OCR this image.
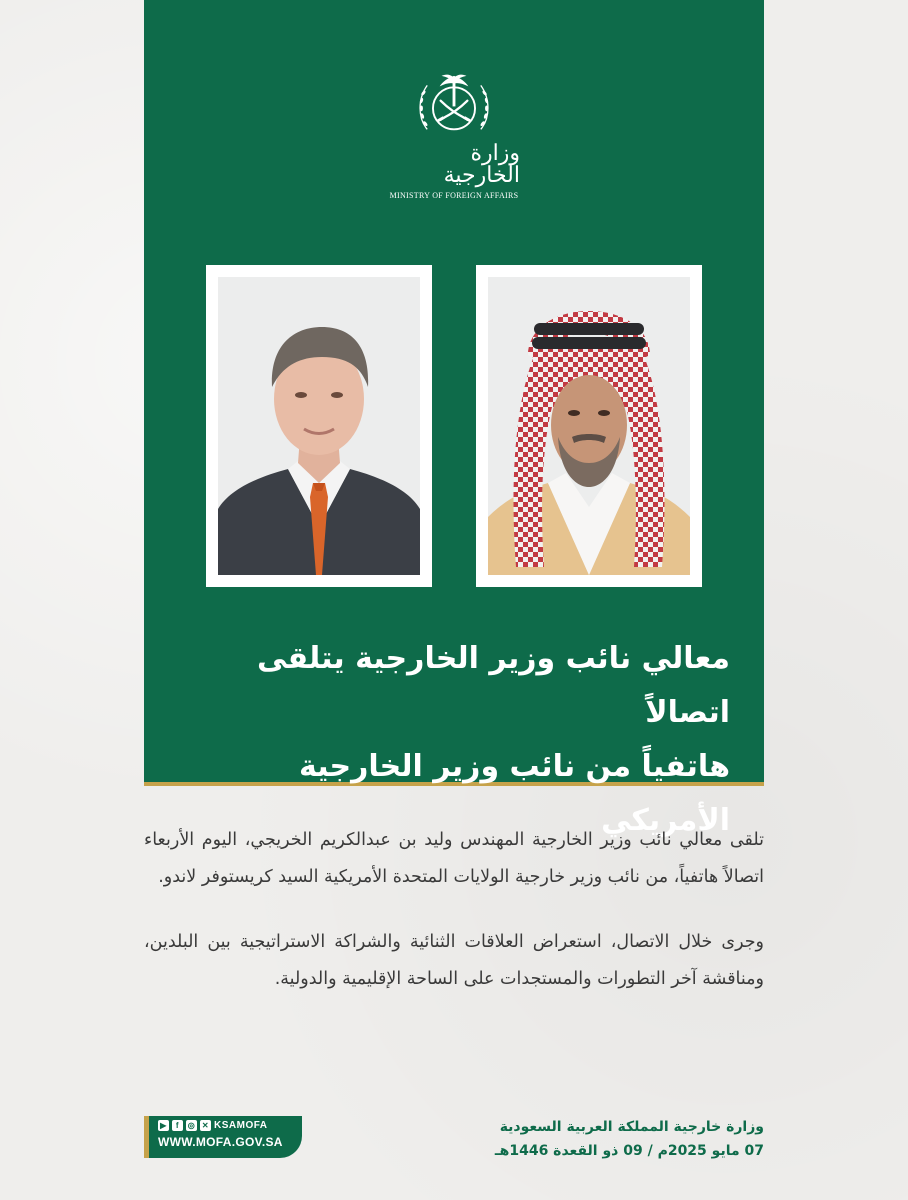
وزارة الخارجية
MINISTRY OF FOREIGN AFFAIRS
معالي نائب وزير الخارجية يتلقى اتصالاً
هاتفياً من نائب وزير الخارجية الأمريكي

تلقى معالي نائب وزير الخارجية المهندس وليد بن عبدالكريم الخريجي، اليوم الأربعاء اتصالاً هاتفياً، من نائب وزير خارجية الولايات المتحدة الأمريكية السيد كريستوفر لاندو.

وجرى خلال الاتصال، استعراض العلاقات الثنائية والشراكة الاستراتيجية بين البلدين، ومناقشة آخر التطورات والمستجدات على الساحة الإقليمية والدولية.

وزارة خارجية المملكة العربية السعودية
07 مايو 2025م / 09 ذو القعدة 1446هـ
▶	f	◎ ✕ KSAMOFA
WWW.MOFA.GOV.SA
